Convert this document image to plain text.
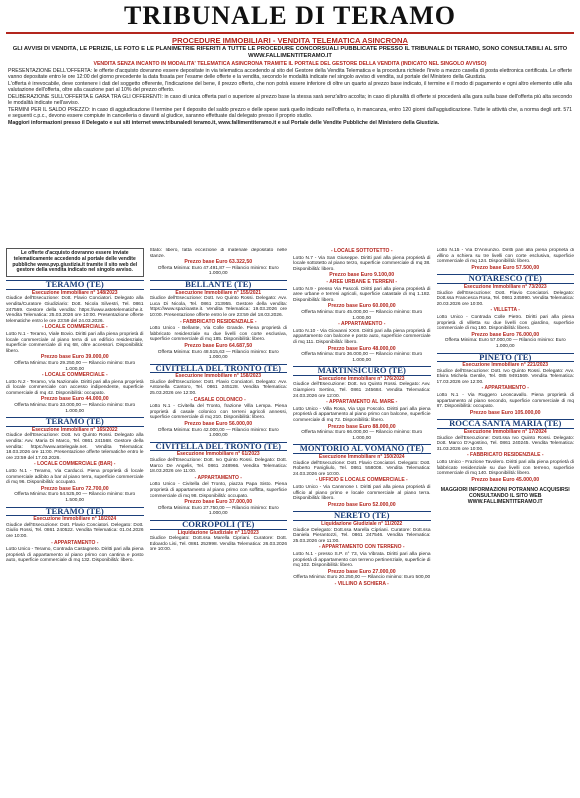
TRIBUNALE DI TERAMO
PROCEDURE IMMOBILIARI - VENDITA TELEMATICA ASINCRONA

GLI AVVISI DI VENDITA, LE PERIZIE, LE FOTO E LE PLANIMETRIE RIFERITI A TUTTE LE PROCEDURE CONCORSUALI PUBBLICATE PRESSO IL TRIBUNALE DI TERAMO, SONO CONSULTABILI AL SITO WWW.FALLIMENTITERAMO.IT

VENDITA SENZA INCANTO IN MODALITA' TELEMATICA ASINCRONA TRAMITE IL PORTALE DEL GESTORE DELLA VENDITA (INDICATO NEL SINGOLO AVVISO)

PRESENTAZIONE DELL'OFFERTA: le offerte d'acquisto dovranno essere depositate in via telematica accedendo al sito del Gestore della Vendita Telematica e la procedura richiede l'invio a mezzo casella di posta elettronica certificata. Le offerte vanno depositate entro le ore 12:00 del giorno precedente la data fissata per l'esame delle offerte e la vendita, secondo le modalità indicate nel singolo avviso di vendita, sul portale del Ministero della Giustizia.

L'offerta è irrevocabile, deve contenere i dati del soggetto offerente, l'indicazione del bene, il prezzo offerto, che non potrà essere inferiore di oltre un quarto al prezzo base indicato, il termine e il modo di pagamento e ogni altro elemento utile alla valutazione dell'offerta, oltre alla cauzione pari al 10% del prezzo offerto.

DELIBERAZIONE SULL'OFFERTA E GARA TRA GLI OFFERENTI: in caso di unica offerta pari o superiore al prezzo base la stessa sarà senz'altro accolta; in caso di pluralità di offerte si procederà alla gara sulla base dell'offerta più alta secondo le modalità indicate nell'avviso.

TERMINI PER IL SALDO PREZZO: in caso di aggiudicazione il termine per il deposito del saldo prezzo e delle spese sarà quello indicato nell'offerta o, in mancanza, entro 120 giorni dall'aggiudicazione. Tutte le attività che, a norma degli artt. 571 e seguenti c.p.c., devono essere compiute in cancelleria o davanti al giudice, saranno effettuate dal delegato presso il proprio studio.

Maggiori informazioni presso il Delegato e sui siti internet www.tribunaledi teramo.it, www.fallimentiteramo.it e sul Portale delle Vendite Pubbliche del Ministero della Giustizia.

Le offerte d'acquisto dovranno essere inviate telematicamente accedendo al portale delle vendite pubbliche www.pvp.giustizia.it tramite il sito web del gestore della vendita indicato nel singolo avviso.
TERAMO (TE)
Esecuzione Immobiliare n° 148/2023
Giudice dell'Esecuzione: Dott. Flavio Conciatori. Delegato alla vendita/Curatore Giudiziario: Dott. Nicola Silvestri, Tel. 0861 247569. Gestore della vendita: https://www.astetelematiche.it. Vendita Telematica: 25.03.2026 ore 10:00. Presentazione offerte telematiche entro le ore 23:59 del 24.03.2026.
- LOCALE COMMERCIALE -
Lotto N.1 - Teramo, Viale Bovio. Diritti pari alla piena proprietà di locale commerciale al piano terra di un edificio residenziale, superficie commerciale di mq 68, oltre accessori. Disponibilità: libero.
Prezzo base Euro 39.000,00
Offerta Minima: Euro 29.250,00 — Rilancio minimo: Euro 1.000,00
- LOCALE COMMERCIALE -
Lotto N.2 - Teramo, Via Nazionale. Diritti pari alla piena proprietà di locale commerciale con accesso indipendente, superficie commerciale di mq 42. Disponibilità: occupato.
Prezzo base Euro 44.000,00
Offerta Minima: Euro 33.000,00 — Rilancio minimo: Euro 1.000,00
TERAMO (TE)
Esecuzione Immobiliare n° 165/2022
Giudice dell'Esecuzione: Dott. Ivo Quinto Rossi. Delegato alla vendita: Avv. Maria Di Marco, Tel. 0861 241568. Gestore della vendita: https://www.astelegale.net. Vendita Telematica: 18.03.2026 ore 11:00. Presentazione offerte telematiche entro le ore 23:59 del 17.03.2026.
- LOCALE COMMERCIALE (BAR) -
Lotto N.1 - Teramo, Via Carducci. Piena proprietà di locale commerciale adibito a bar al piano terra, superficie commerciale di mq 96. Disponibilità: occupato.
Prezzo base Euro 72.700,00
Offerta Minima: Euro 54.525,00 — Rilancio minimo: Euro 1.500,00
TERAMO (TE)
Esecuzione Immobiliare n° 18/2024
Giudice dell'Esecuzione: Dott. Flavio Conciatori. Delegato: Dott. Giulio Rossi, Tel. 0861 240522. Vendita Telematica: 01.04.2026 ore 10:00.
- APPARTAMENTO -
Lotto Unico - Teramo, Contrada Castagneto. Diritti pari alla piena proprietà di appartamento al piano primo con cantina e posto auto, superficie commerciale di mq 132. Disponibilità: libero.
Stato: libero, fatta eccezione di materiale depositato nelle stanze.
Prezzo base Euro 63.322,50
Offerta Minima: Euro 47.491,87 — Rilancio minimo: Euro 1.000,00
BELLANTE (TE)
Esecuzione Immobiliare n° 155/2021
Giudice dell'Esecuzione: Dott. Ivo Quinto Rossi. Delegato: Avv. Luca Di Nicola, Tel. 0861 213955. Gestore della vendita: https://www.spazioaste.it. Vendita Telematica: 19.03.2026 ore 10:00. Presentazione offerte entro le ore 23:59 del 18.03.2026.
- FABBRICATO RESIDENZIALE -
Lotto Unico - Bellante, Via Colle Grande. Piena proprietà di fabbricato residenziale su due livelli con corte esclusiva, superficie commerciale di mq 185. Disponibilità: libero.
Prezzo base Euro 64.687,50
Offerta Minima: Euro 48.515,63 — Rilancio minimo: Euro 1.000,00
CIVITELLA DEL TRONTO (TE)
Esecuzione Immobiliare n° 158/2023
Giudice dell'Esecuzione: Dott. Flavio Conciatori. Delegato: Avv. Antonella Cantoro, Tel. 0861 245128. Vendita Telematica: 25.03.2026 ore 12:00.
- CASALE COLONICO -
Lotto N.1 - Civitella del Tronto, frazione Villa Lempa. Piena proprietà di casale colonico con terreni agricoli annessi, superficie commerciale di mq 210. Disponibilità: libero.
Prezzo base Euro 56.000,00
Offerta Minima: Euro 42.000,00 — Rilancio minimo: Euro 1.000,00
CIVITELLA DEL TRONTO (TE)
Esecuzione Immobiliare n° 61/2023
Giudice dell'Esecuzione: Dott. Ivo Quinto Rossi. Delegato: Dott. Marco De Angelis, Tel. 0861 248966. Vendita Telematica: 18.03.2026 ore 11:00.
- APPARTAMENTO -
Lotto Unico - Civitella del Tronto, piazza Papa Sisto. Piena proprietà di appartamento al piano primo con soffitta, superficie commerciale di mq 98. Disponibilità: occupato.
Prezzo base Euro 37.000,00
Offerta Minima: Euro 27.750,00 — Rilancio minimo: Euro 1.000,00
CORROPOLI (TE)
Liquidazione Giudiziale n° 11/2023
Giudice Delegato: Dott.ssa Marella Cipriani. Curatore: Dott. Edoardo Lisi, Tel. 0861 252998. Vendita Telematica: 26.03.2026 ore 10:00.
- LOCALE SOTTOTETTO -
Lotto N.7 - Via San Giuseppe. Diritti pari alla piena proprietà di locale sottotetto al piano terzo, superficie commerciale di mq 38. Disponibilità: libero.
Prezzo base Euro 9.100,00
- AREE URBANE E TERRENI -
Lotto N.9 - presso Via Pascoli. Diritti pari alla piena proprietà di aree urbane e terreni agricoli, superficie catastale di mq 1.182. Disponibilità: libero.
Prezzo base Euro 60.000,00
Offerta Minima: Euro 45.000,00 — Rilancio minimo: Euro 1.000,00
- APPARTAMENTO -
Lotto N.10 - Via Giovanni XXIII. Diritti pari alla piena proprietà di appartamento con balcone e posto auto, superficie commerciale di mq 111. Disponibilità: libero.
Prezzo base Euro 48.000,00
Offerta Minima: Euro 36.000,00 — Rilancio minimo: Euro 1.000,00
MARTINSICURO (TE)
Esecuzione Immobiliare n° 176/2023
Giudice dell'Esecuzione: Dott. Ivo Quinto Rossi. Delegato: Avv. Giampiero Sertino, Tel. 0861 245684. Vendita Telematica: 24.03.2026 ore 12:00.
- APPARTAMENTO AL MARE -
Lotto Unico - Villa Rosa, Via Ugo Foscolo. Diritti pari alla piena proprietà di appartamento al piano primo con balcone, superficie commerciale di mq 72. Disponibilità: libero.
Prezzo base Euro 88.000,00
Offerta Minima: Euro 66.000,00 — Rilancio minimo: Euro 1.000,00
MONTORIO AL VOMANO (TE)
Esecuzione Immobiliare n° 150/2024
Giudice dell'Esecuzione: Dott. Flavio Conciatori. Delegato: Dott. Roberto Fanigliulo, Tel. 0861 558008. Vendita Telematica: 24.03.2026 ore 10:00.
- UFFICIO E LOCALE COMMERCIALE -
Lotto Unico - Via Cannnone I. Diritti pari alla piena proprietà di ufficio al piano primo e locale commerciale al piano terra. Disponibilità: libero.
Prezzo base Euro 52.000,00
NERETO (TE)
Liquidazione Giudiziale n° 11/2022
Giudice Delegato: Dott.ssa Marella Cipriani. Curatore: Dott.ssa Daniela Pierantozzi, Tel. 0861 247546. Vendita Telematica: 25.03.2026 ore 11:00.
- APPARTAMENTO CON TERRENO -
Lotto N.1 - presso S.P. n° 73, Via Vibrata. Diritti pari alla piena proprietà di appartamento con terreno pertinenziale, superficie di mq 102. Disponibilità: libero.
Prezzo base Euro 27.000,00
Offerta Minima: Euro 20.250,00 — Rilancio minimo: Euro 500,00
- VILLINO A SCHIERA -
Lotto N.15 - Via D'Annunzio. Diritti pari alla piena proprietà di villino a schiera su tre livelli con corte esclusiva, superficie commerciale di mq 124. Disponibilità: libero.
Prezzo base Euro 57.500,00
NOTARESCO (TE)
Esecuzione Immobiliare n° 73/2023
Giudice dell'Esecuzione: Dott. Flavio Conciatori. Delegato: Dott.ssa Francesca Rosa, Tel. 0861 245990. Vendita Telematica: 20.03.2026 ore 10:00.
- VILLETTA -
Lotto Unico - Contrada Colle Pietro. Diritti pari alla piena proprietà di villetta su due livelli con giardino, superficie commerciale di mq 160. Disponibilità: libero.
Prezzo base Euro 76.000,00
Offerta Minima: Euro 57.000,00 — Rilancio minimo: Euro 1.000,00
PINETO (TE)
Esecuzione Immobiliare n° 221/2023
Giudice dell'Esecuzione: Dott. Ivo Quinto Rossi. Delegato: Avv. Elvira Michela Gentile, Tel. 085 9491569. Vendita Telematica: 17.03.2026 ore 12:00.
- APPARTAMENTO -
Lotto N.1 - Via Ruggero Leoncavallo. Piena proprietà di appartamento al piano secondo, superficie commerciale di mq 87. Disponibilità: occupato.
Prezzo base Euro 105.000,00
ROCCA SANTA MARIA (TE)
Esecuzione Immobiliare n° 17/2024
Giudice dell'Esecuzione: Dott.ssa Ivo Quinto Rossi. Delegato: Dott. Marco D'Agostino, Tel. 0861 240245. Vendita Telematica: 31.03.2026 ore 10:00.
- FABBRICATO RESIDENZIALE -
Lotto Unico - Frazione Tavolero. Diritti pari alla piena proprietà di fabbricato residenziale su due livelli con terreno, superficie commerciale di mq 140. Disponibilità: libero.
Prezzo base Euro 45.000,00
MAGGIORI INFORMAZIONI POTRANNO ACQUISIRSI CONSULTANDO IL SITO WEB WWW.FALLIMENTITERAMO.IT
